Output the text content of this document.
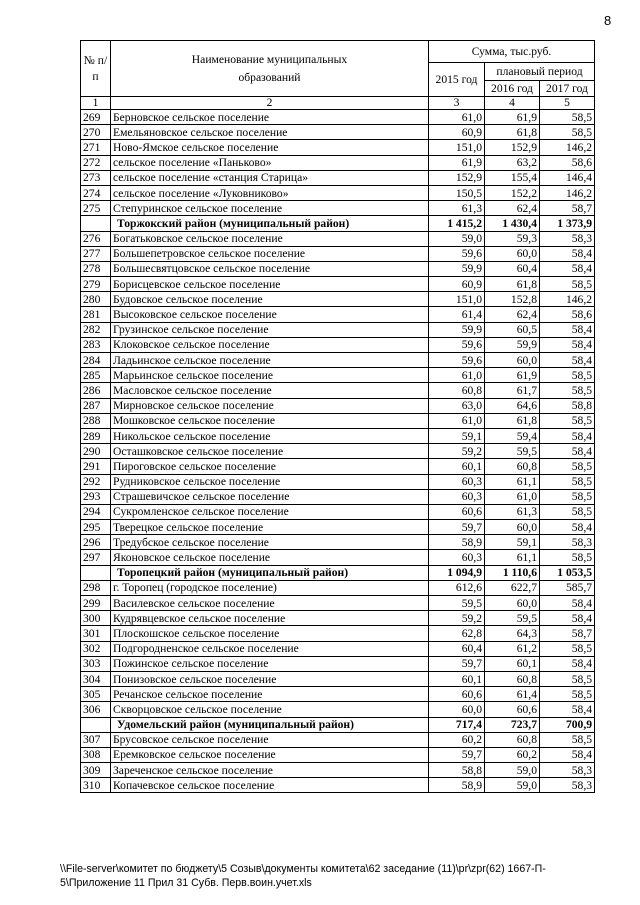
8
№ п/п	Наименование муниципальных образований	Сумма, тыс.руб.		
		2015 год	плановый период	
			2016 год	2017 год
1	2	3	4	5
269	Берновское сельское поселение	61,0	61,9	58,5
270	Емельяновское сельское поселение	60,9	61,8	58,5
271	Ново-Ямское сельское поселение	151,0	152,9	146,2
272	сельское поселение «Паньково»	61,9	63,2	58,6
273	сельское поселение «станция Старица»	152,9	155,4	146,4
274	сельское поселение «Луковниково»	150,5	152,2	146,2
275	Степуринское сельское поселение	61,3	62,4	58,7
	Торжокский район (муниципальный район)	1 415,2	1 430,4	1 373,9
276	Богатьковское сельское поселение	59,0	59,3	58,3
277	Большепетровское сельское поселение	59,6	60,0	58,4
278	Большесвятцовское сельское поселение	59,9	60,4	58,4
279	Борисцевское сельское поселение	60,9	61,8	58,5
280	Будовское сельское поселение	151,0	152,8	146,2
281	Высоковское сельское поселение	61,4	62,4	58,6
282	Грузинское сельское поселение	59,9	60,5	58,4
283	Клоковское сельское поселение	59,6	59,9	58,4
284	Ладьинское сельское поселение	59,6	60,0	58,4
285	Марьинское сельское поселение	61,0	61,9	58,5
286	Масловское сельское поселение	60,8	61,7	58,5
287	Мирновское сельское поселение	63,0	64,6	58,8
288	Мошковское сельское поселение	61,0	61,8	58,5
289	Никольское сельское поселение	59,1	59,4	58,4
290	Осташковское сельское поселение	59,2	59,5	58,4
291	Пироговское сельское поселение	60,1	60,8	58,5
292	Рудниковское сельское поселение	60,3	61,1	58,5
293	Страшевичское сельское поселение	60,3	61,0	58,5
294	Сукромленское сельское поселение	60,6	61,3	58,5
295	Тверецкое сельское поселение	59,7	60,0	58,4
296	Тредубское сельское поселение	58,9	59,1	58,3
297	Яконовское сельское поселение	60,3	61,1	58,5
	Торопецкий район (муниципальный район)	1 094,9	1 110,6	1 053,5
298	г. Торопец (городское поселение)	612,6	622,7	585,7
299	Василевское сельское поселение	59,5	60,0	58,4
300	Кудрявцевское сельское поселение	59,2	59,5	58,4
301	Плоскошское сельское поселение	62,8	64,3	58,7
302	Подгородненское сельское поселение	60,4	61,2	58,5
303	Пожинское сельское поселение	59,7	60,1	58,4
304	Понизовское сельское поселение	60,1	60,8	58,5
305	Речанское сельское поселение	60,6	61,4	58,5
306	Скворцовское сельское поселение	60,0	60,6	58,4
	Удомельский район (муниципальный район)	717,4	723,7	700,9
307	Брусовское сельское поселение	60,2	60,8	58,5
308	Еремковское сельское поселение	59,7	60,2	58,4
309	Зареченское сельское поселение	58,8	59,0	58,3
310	Копачевское сельское поселение	58,9	59,0	58,3
\\File-server\комитет по бюджету\5 Созыв\документы комитета\62 заседание (11)\pr\zpr(62) 1667-П-
5\Приложение 11 Прил 31 Субв. Перв.воин.учет.xls
